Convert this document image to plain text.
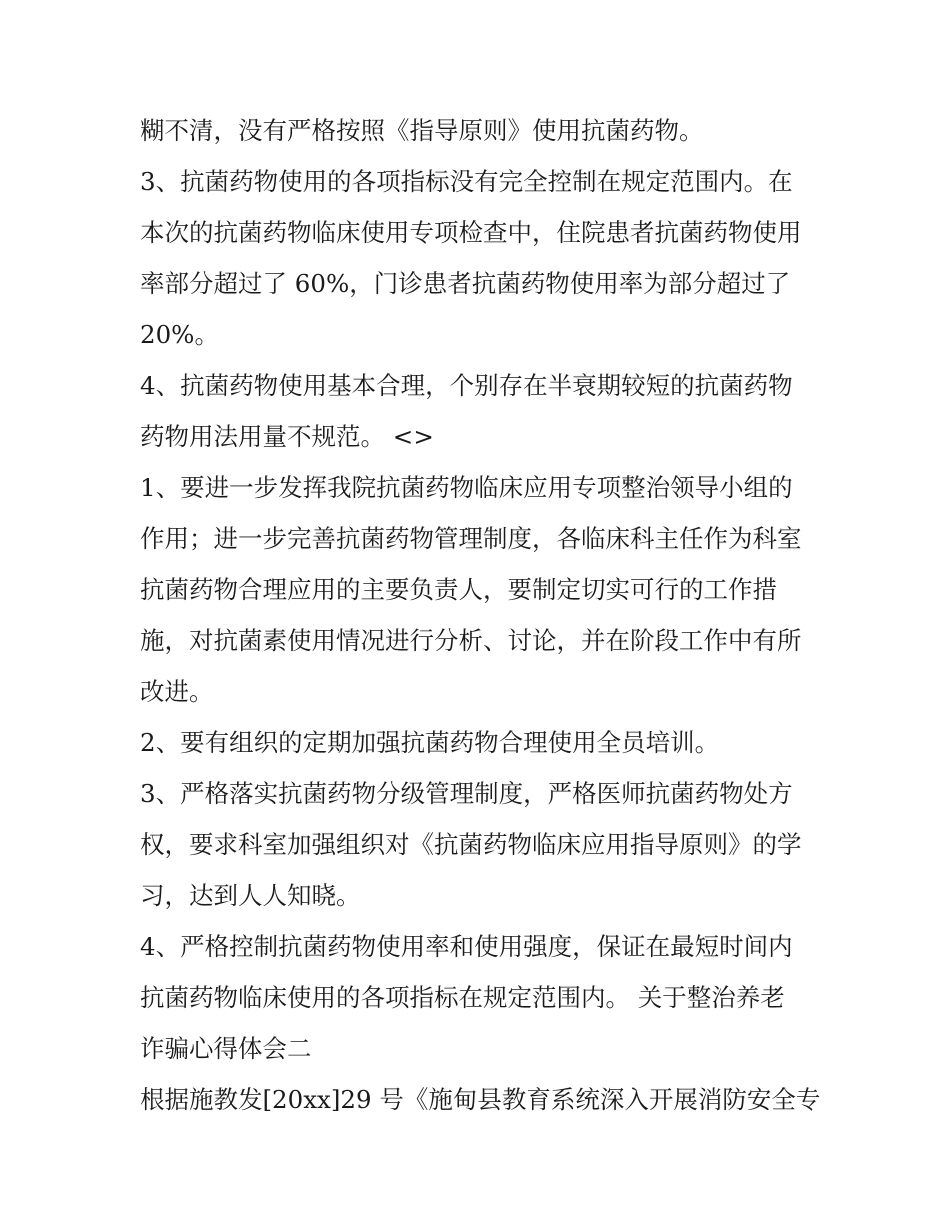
糊不清，没有严格按照《指导原则》使用抗菌药物。
3、抗菌药物使用的各项指标没有完全控制在规定范围内。在
本次的抗菌药物临床使用专项检查中，住院患者抗菌药物使用
率部分超过了 60%，门诊患者抗菌药物使用率为部分超过了
20%。
4、抗菌药物使用基本合理，个别存在半衰期较短的抗菌药物
药物用法用量不规范。 <>
1、要进一步发挥我院抗菌药物临床应用专项整治领导小组的
作用；进一步完善抗菌药物管理制度，各临床科主任作为科室
抗菌药物合理应用的主要负责人，要制定切实可行的工作措
施，对抗菌素使用情况进行分析、讨论，并在阶段工作中有所
改进。
2、要有组织的定期加强抗菌药物合理使用全员培训。
3、严格落实抗菌药物分级管理制度，严格医师抗菌药物处方
权，要求科室加强组织对《抗菌药物临床应用指导原则》的学
习，达到人人知晓。
4、严格控制抗菌药物使用率和使用强度，保证在最短时间内
抗菌药物临床使用的各项指标在规定范围内。 关于整治养老
诈骗心得体会二
根据施教发[20xx]29 号《施甸县教育系统深入开展消防安全专
